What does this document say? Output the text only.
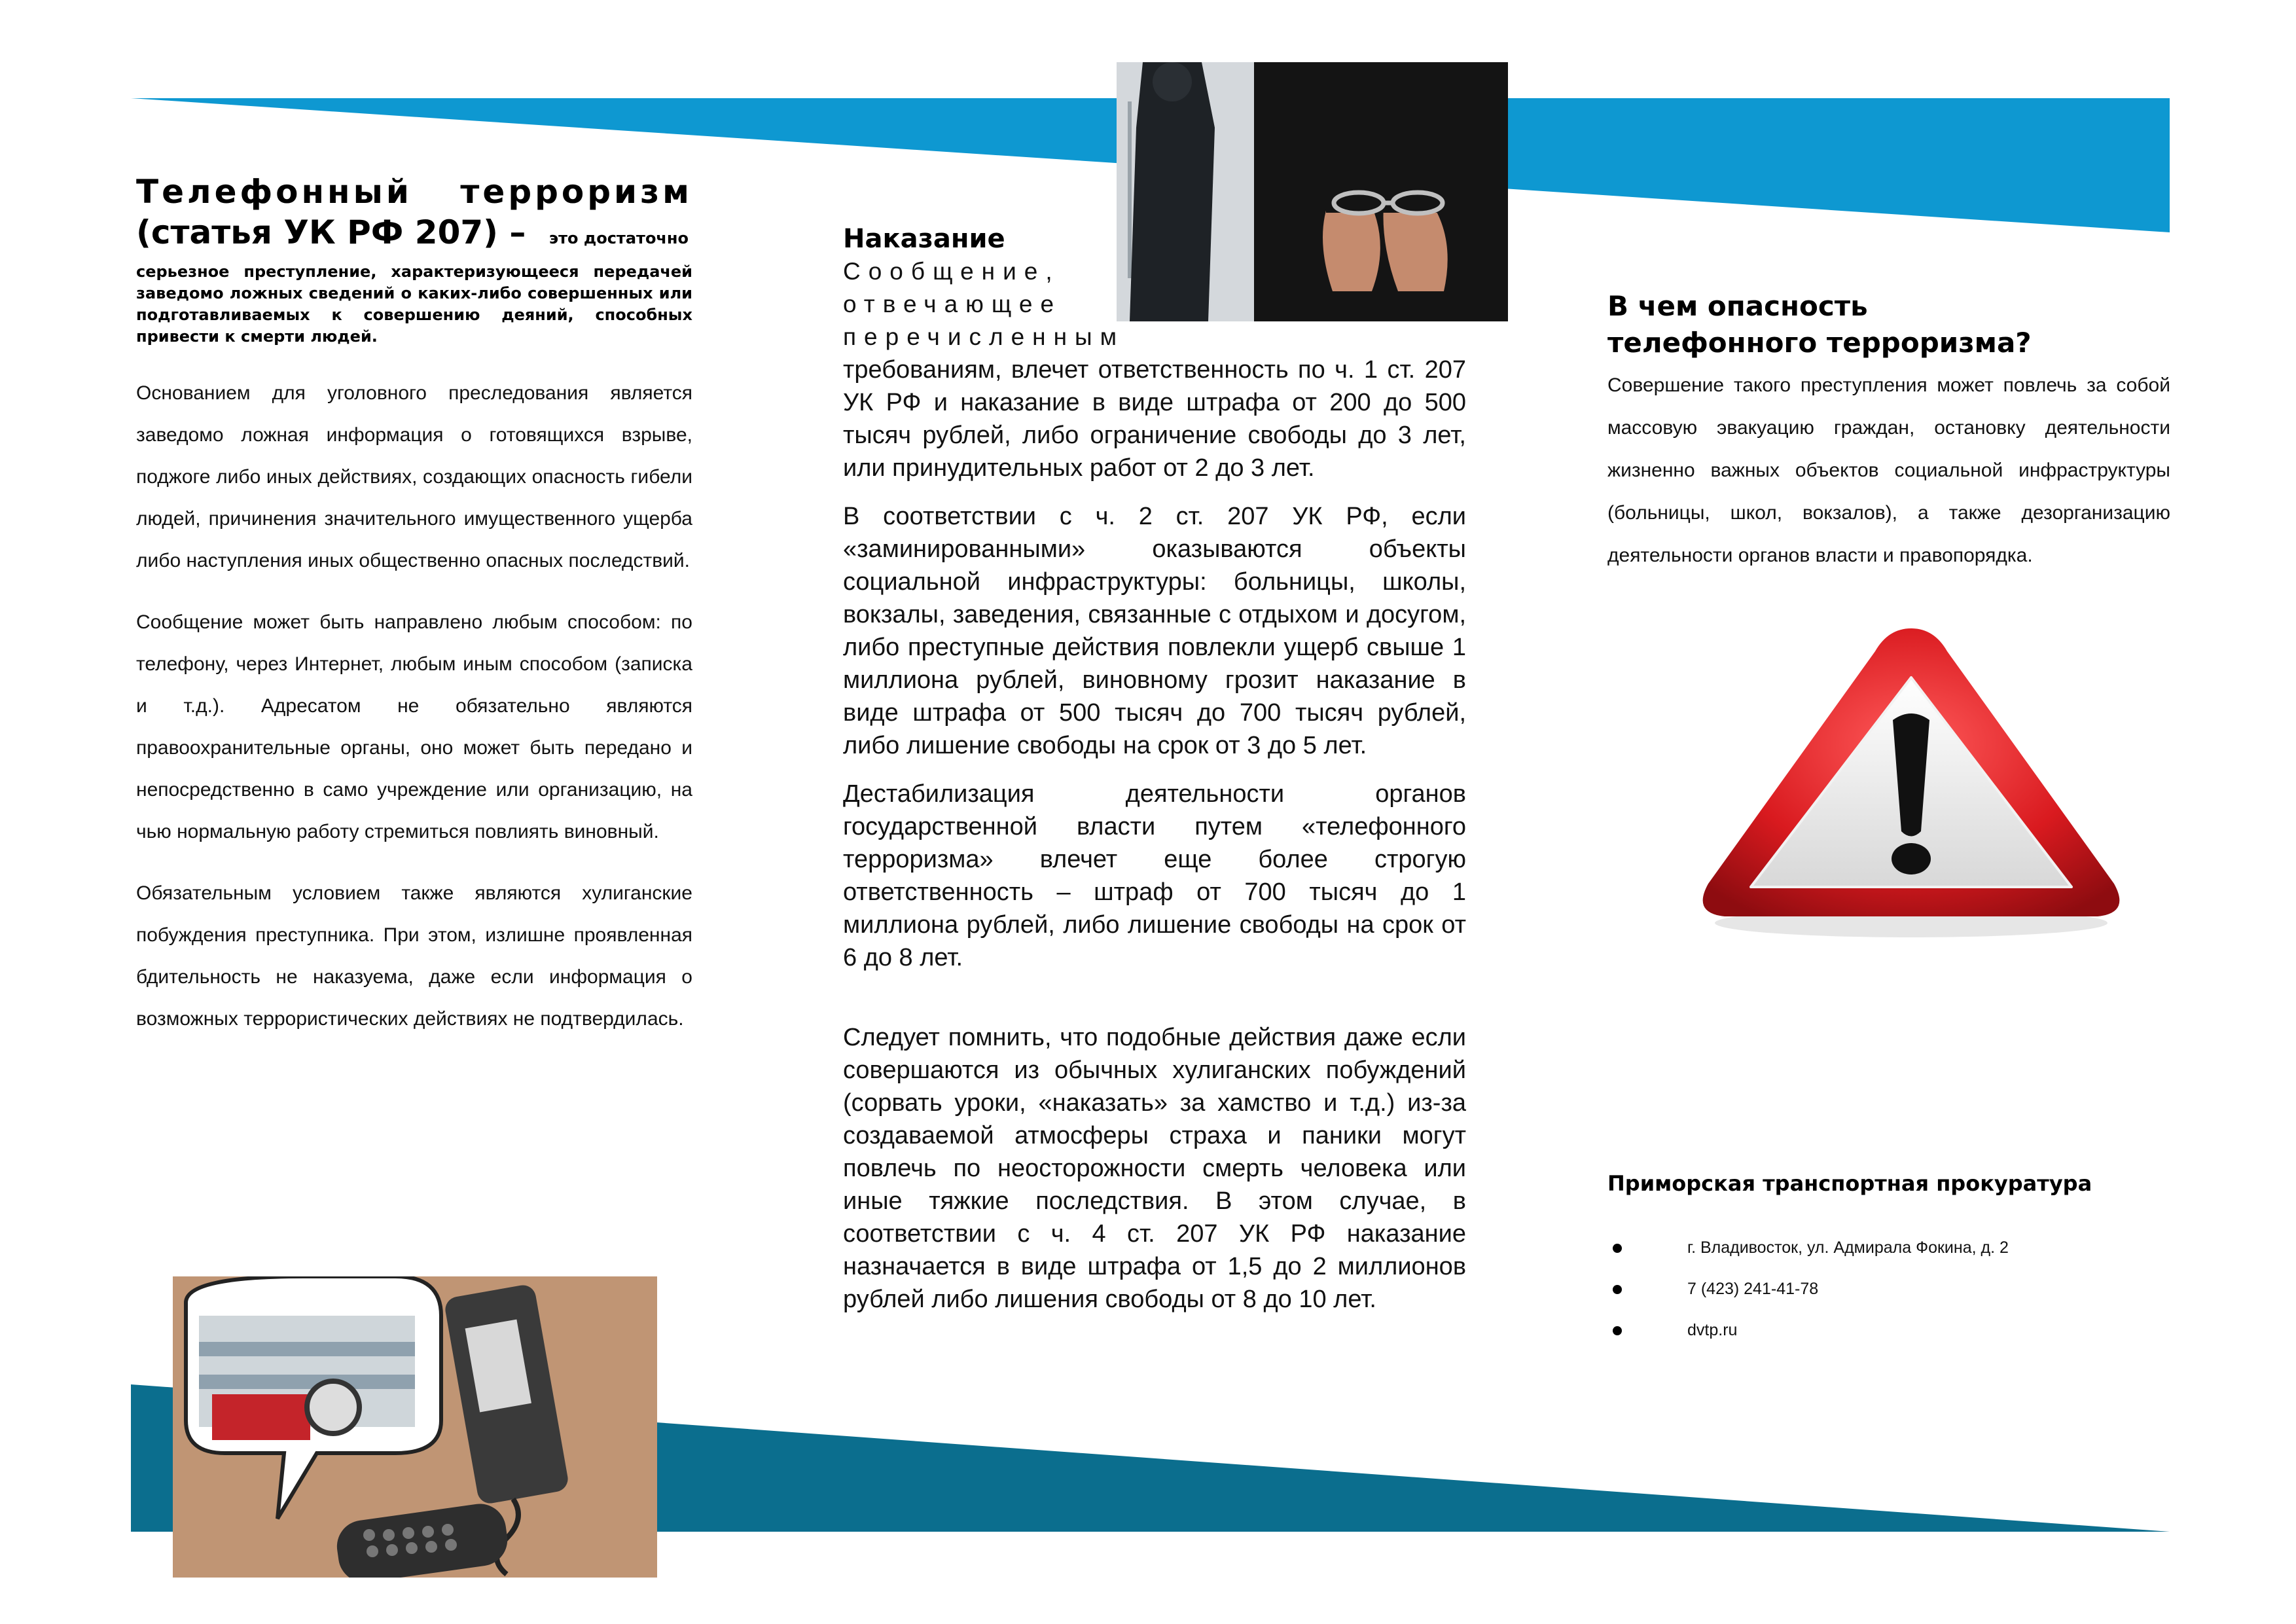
Телефонный терроризм
(статья УК РФ 207) – это достаточно

серьезное преступление, характеризующееся передачей заведомо ложных сведений о каких-либо совершенных или подготавливаемых к совершению деяний, способных привести к смерти людей.

Основанием для уголовного преследования является заведомо ложная информация о готовящихся взрыве, поджоге либо иных действиях, создающих опасность гибели людей, причинения значительного имущественного ущерба либо наступления иных общественно опасных последствий.

Сообщение может быть направлено любым способом: по телефону, через Интернет, любым иным способом (записка и т.д.). Адресатом не обязательно являются правоохранительные органы, оно может быть передано и непосредственно в само учреждение или организацию, на чью нормальную работу стремиться повлиять виновный.

Обязательным условием также являются хулиганские побуждения преступника. При этом, излишне проявленная бдительность не наказуема, даже если информация о возможных террористических действиях не подтвердилась.

Наказание

Сообщение, отвечающее перечисленным

требованиям, влечет ответственность по ч. 1 ст. 207 УК РФ и наказание в виде штрафа от 200 до 500 тысяч рублей, либо ограничение свободы до 3 лет, или принудительных работ от 2 до 3 лет.

В соответствии с ч. 2 ст. 207 УК РФ, если «заминированными» оказываются объекты социальной инфраструктуры: больницы, школы, вокзалы, заведения, связанные с отдыхом и досугом, либо преступные действия повлекли ущерб свыше 1 миллиона рублей, виновному грозит наказание в виде штрафа от 500 тысяч до 700 тысяч рублей, либо лишение свободы на срок от 3 до 5 лет.

Дестабилизация деятельности органов государственной власти путем «телефонного терроризма» влечет еще более строгую ответственность – штраф от 700 тысяч до 1 миллиона рублей, либо лишение свободы на срок от 6 до 8 лет.

Следует помнить, что подобные действия даже если совершаются из обычных хулиганских побуждений (сорвать уроки, «наказать» за хамство и т.д.) из-за создаваемой атмосферы страха и паники могут повлечь по неосторожности смерть человека или иные тяжкие последствия. В этом случае, в соответствии с ч. 4 ст. 207 УК РФ наказание назначается в виде штрафа от 1,5 до 2 миллионов рублей либо лишения свободы от 8 до 10 лет.

В чем опасность телефонного терроризма?

Совершение такого преступления может повлечь за собой массовую эвакуацию граждан, остановку деятельности жизненно важных объектов социальной инфраструктуры (больницы, школ, вокзалов), а также дезорганизацию деятельности органов власти и правопорядка.

Приморская транспортная прокуратура
г. Владивосток, ул. Адмирала Фокина, д. 2
7 (423) 241-41-78
dvtp.ru
